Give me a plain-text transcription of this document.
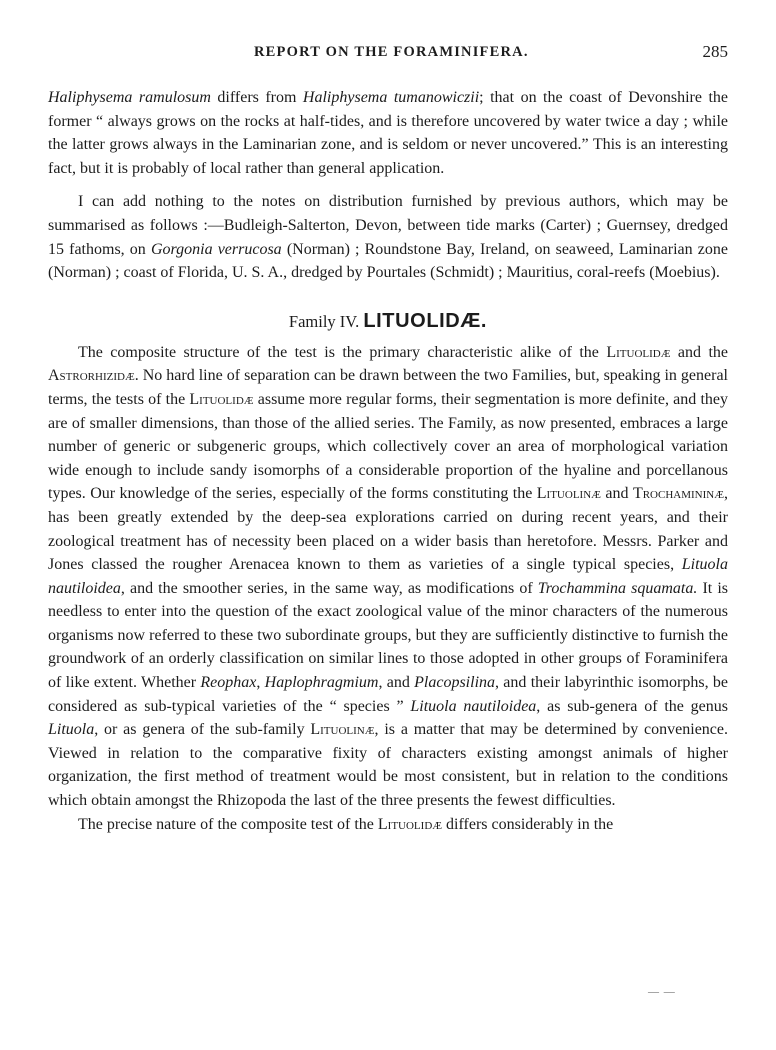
REPORT ON THE FORAMINIFERA.	285

Haliphysema ramulosum differs from Haliphysema tumanowiczii; that on the coast of Devonshire the former “ always grows on the rocks at half-tides, and is therefore uncovered by water twice a day ; while the latter grows always in the Laminarian zone, and is seldom or never uncovered.” This is an interesting fact, but it is probably of local rather than general application.

I can add nothing to the notes on distribution furnished by previous authors, which may be summarised as follows :—Budleigh-Salterton, Devon, between tide marks (Carter) ; Guernsey, dredged 15 fathoms, on Gorgonia verrucosa (Norman) ; Roundstone Bay, Ireland, on seaweed, Laminarian zone (Norman) ; coast of Florida, U. S. A., dredged by Pourtales (Schmidt) ; Mauritius, coral-reefs (Moebius).

Family IV. LITUOLIDÆ.

The composite structure of the test is the primary characteristic alike of the Lituolidæ and the Astrorhizidæ. No hard line of separation can be drawn between the two Families, but, speaking in general terms, the tests of the Lituolidæ assume more regular forms, their segmentation is more definite, and they are of smaller dimensions, than those of the allied series. The Family, as now presented, embraces a large number of generic or subgeneric groups, which collectively cover an area of morphological variation wide enough to include sandy isomorphs of a considerable proportion of the hyaline and porcellanous types. Our knowledge of the series, especially of the forms constituting the Lituolinæ and Trochamininæ, has been greatly extended by the deep-sea explorations carried on during recent years, and their zoological treatment has of necessity been placed on a wider basis than heretofore. Messrs. Parker and Jones classed the rougher Arenacea known to them as varieties of a single typical species, Lituola nautiloidea, and the smoother series, in the same way, as modifications of Trochammina squamata. It is needless to enter into the question of the exact zoological value of the minor characters of the numerous organisms now referred to these two subordinate groups, but they are sufficiently distinctive to furnish the groundwork of an orderly classification on similar lines to those adopted in other groups of Foraminifera of like extent. Whether Reophax, Haplophragmium, and Placopsilina, and their labyrinthic isomorphs, be considered as sub-typical varieties of the “ species ” Lituola nautiloidea, as sub-genera of the genus Lituola, or as genera of the sub-family Lituolinæ, is a matter that may be determined by convenience. Viewed in relation to the comparative fixity of characters existing amongst animals of higher organization, the first method of treatment would be most consistent, but in relation to the conditions which obtain amongst the Rhizopoda the last of the three presents the fewest difficulties.

The precise nature of the composite test of the Lituolidæ differs considerably in the

— —
